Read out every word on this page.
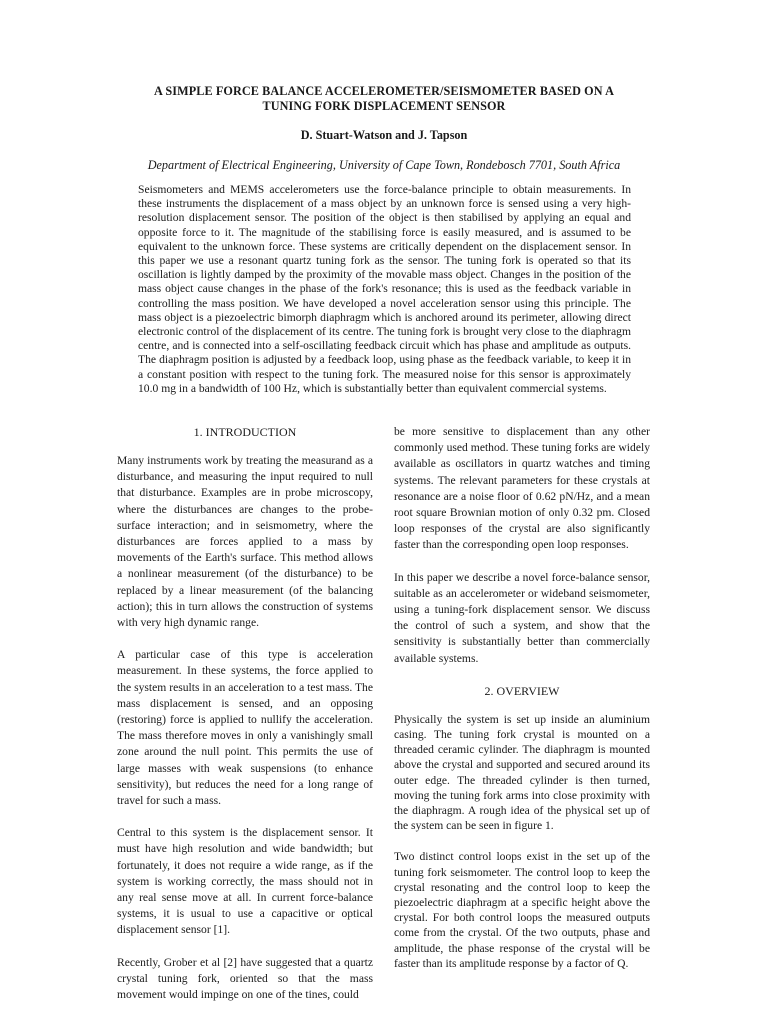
A SIMPLE FORCE BALANCE ACCELEROMETER/SEISMOMETER BASED ON A
TUNING FORK DISPLACEMENT SENSOR
D. Stuart-Watson and J. Tapson
Department of Electrical Engineering, University of Cape Town, Rondebosch 7701, South Africa

Seismometers and MEMS accelerometers use the force-balance principle to obtain measurements. In these instruments the displacement of a mass object by an unknown force is sensed using a very high-resolution displacement sensor. The position of the object is then stabilised by applying an equal and opposite force to it. The magnitude of the stabilising force is easily measured, and is assumed to be equivalent to the unknown force. These systems are critically dependent on the displacement sensor. In this paper we use a resonant quartz tuning fork as the sensor. The tuning fork is operated so that its oscillation is lightly damped by the proximity of the movable mass object. Changes in the position of the mass object cause changes in the phase of the fork's resonance; this is used as the feedback variable in controlling the mass position. We have developed a novel acceleration sensor using this principle. The mass object is a piezoelectric bimorph diaphragm which is anchored around its perimeter, allowing direct electronic control of the displacement of its centre. The tuning fork is brought very close to the diaphragm centre, and is connected into a self-oscillating feedback circuit which has phase and amplitude as outputs. The diaphragm position is adjusted by a feedback loop, using phase as the feedback variable, to keep it in a constant position with respect to the tuning fork. The measured noise for this sensor is approximately 10.0 mg in a bandwidth of 100 Hz, which is substantially better than equivalent commercial systems.

1. INTRODUCTION

Many instruments work by treating the measurand as a disturbance, and measuring the input required to null that disturbance. Examples are in probe microscopy, where the disturbances are changes to the probe-surface interaction; and in seismometry, where the disturbances are forces applied to a mass by movements of the Earth's surface. This method allows a nonlinear measurement (of the disturbance) to be replaced by a linear measurement (of the balancing action); this in turn allows the construction of systems with very high dynamic range.

A particular case of this type is acceleration measurement. In these systems, the force applied to the system results in an acceleration to a test mass. The mass displacement is sensed, and an opposing (restoring) force is applied to nullify the acceleration. The mass therefore moves in only a vanishingly small zone around the null point. This permits the use of large masses with weak suspensions (to enhance sensitivity), but reduces the need for a long range of travel for such a mass.

Central to this system is the displacement sensor. It must have high resolution and wide bandwidth; but fortunately, it does not require a wide range, as if the system is working correctly, the mass should not in any real sense move at all. In current force-balance systems, it is usual to use a capacitive or optical displacement sensor [1].

Recently, Grober et al [2] have suggested that a quartz crystal tuning fork, oriented so that the mass movement would impinge on one of the tines, could

be more sensitive to displacement than any other commonly used method. These tuning forks are widely available as oscillators in quartz watches and timing systems. The relevant parameters for these crystals at resonance are a noise floor of 0.62 pN/Hz, and a mean root square Brownian motion of only 0.32 pm. Closed loop responses of the crystal are also significantly faster than the corresponding open loop responses.

In this paper we describe a novel force-balance sensor, suitable as an accelerometer or wideband seismometer, using a tuning-fork displacement sensor. We discuss the control of such a system, and show that the sensitivity is substantially better than commercially available systems.

2. OVERVIEW

Physically the system is set up inside an aluminium casing. The tuning fork crystal is mounted on a threaded ceramic cylinder. The diaphragm is mounted above the crystal and supported and secured around its outer edge. The threaded cylinder is then turned, moving the tuning fork arms into close proximity with the diaphragm. A rough idea of the physical set up of the system can be seen in figure 1.

Two distinct control loops exist in the set up of the tuning fork seismometer. The control loop to keep the crystal resonating and the control loop to keep the piezoelectric diaphragm at a specific height above the crystal. For both control loops the measured outputs come from the crystal. Of the two outputs, phase and amplitude, the phase response of the crystal will be faster than its amplitude response by a factor of Q.
